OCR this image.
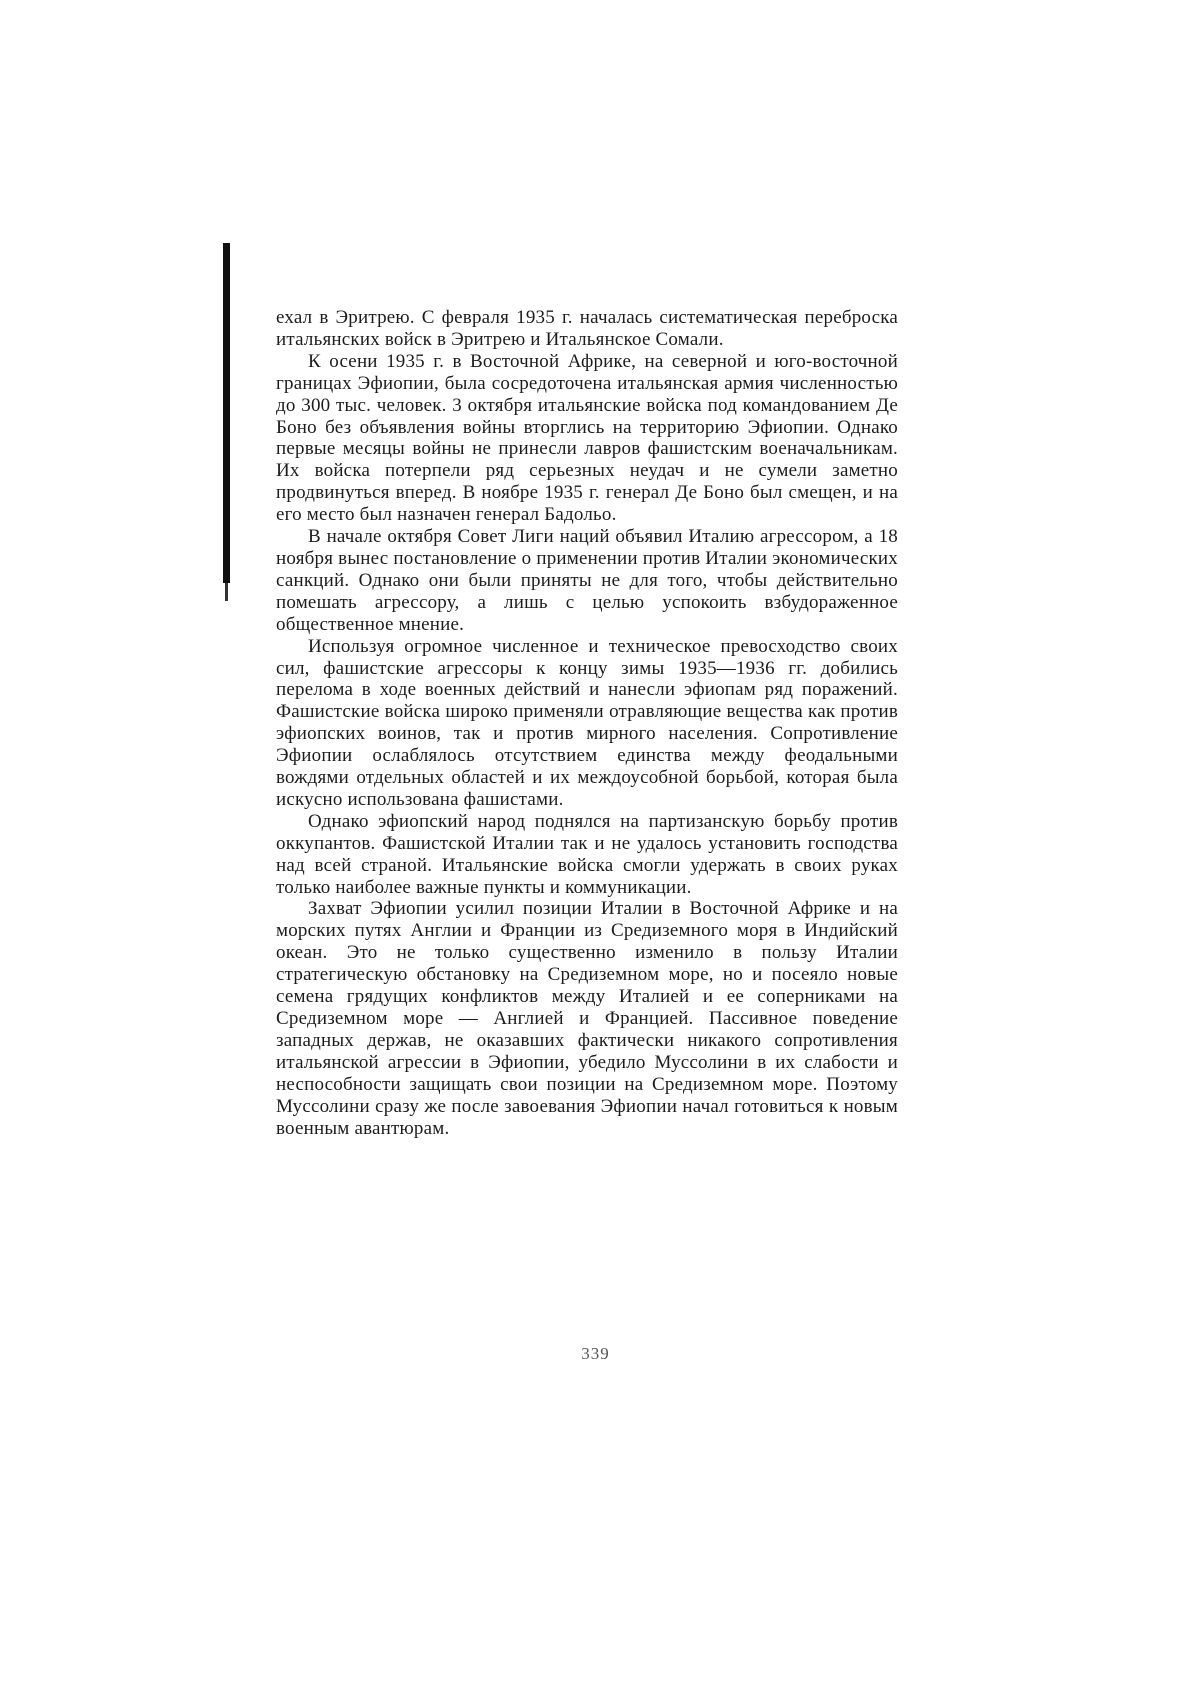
ехал в Эритрею. С февраля 1935 г. началась систематическая переброска итальянских войск в Эритрею и Итальянское Сомали.

К осени 1935 г. в Восточной Африке, на северной и юго-восточной границах Эфиопии, была сосредоточена итальянская армия численностью до 300 тыс. человек. 3 октября итальянские войска под командованием Де Боно без объявления войны вторглись на территорию Эфиопии. Однако первые месяцы войны не принесли лавров фашистским военачальникам. Их войска потерпели ряд серьезных неудач и не сумели заметно продвинуться вперед. В ноябре 1935 г. генерал Де Боно был смещен, и на его место был назначен генерал Бадольо.

В начале октября Совет Лиги наций объявил Италию агрессором, а 18 ноября вынес постановление о применении против Италии экономических санкций. Однако они были приняты не для того, чтобы действительно помешать агрессору, а лишь с целью успокоить взбудораженное общественное мнение.

Используя огромное численное и техническое превосходство своих сил, фашистские агрессоры к концу зимы 1935—1936 гг. добились перелома в ходе военных действий и нанесли эфиопам ряд поражений. Фашистские войска широко применяли отравляющие вещества как против эфиопских воинов, так и против мирного населения. Сопротивление Эфиопии ослаблялось отсутствием единства между феодальными вождями отдельных областей и их междоусобной борьбой, которая была искусно использована фашистами.

Однако эфиопский народ поднялся на партизанскую борьбу против оккупантов. Фашистской Италии так и не удалось установить господства над всей страной. Итальянские войска смогли удержать в своих руках только наиболее важные пункты и коммуникации.

Захват Эфиопии усилил позиции Италии в Восточной Африке и на морских путях Англии и Франции из Средиземного моря в Индийский океан. Это не только существенно изменило в пользу Италии стратегическую обстановку на Средиземном море, но и посеяло новые семена грядущих конфликтов между Италией и ее соперниками на Средиземном море — Англией и Францией. Пассивное поведение западных держав, не оказавших фактически никакого сопротивления итальянской агрессии в Эфиопии, убедило Муссолини в их слабости и неспособности защищать свои позиции на Средиземном море. Поэтому Муссолини сразу же после завоевания Эфиопии начал готовиться к новым военным авантюрам.

339
